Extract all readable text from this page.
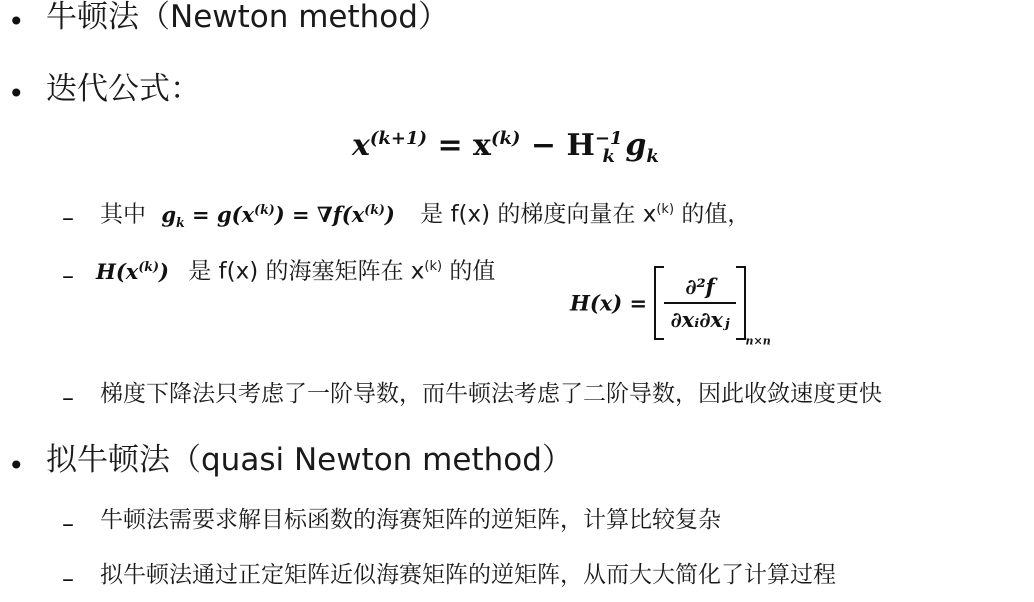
• 牛顿法（Newton method）
• 迭代公式：
$x^{(k+1)} = x^{(k)} - H^{-1}_k$ $g_k$
– 其中 $g_k = g(x^{(k)}) = \nabla f(x^{(k)})$ 是 f(x) 的梯度向量在 $x^{(k)}$ 的值，
– $H(x^{(k)})$ 是 f(x) 的海塞矩阵在 $x^{(k)}$ 的值
$H(x) = \frac{\text{∂²f}}{\text{∂xᵢ∂xⱼ}}$
$_{n\times n}$
– 梯度下降法只考虑了一阶导数，而牛顿法考虑了二阶导数，因此收敛速度更快
• 拟牛顿法（quasi Newton method）
– 牛顿法需要求解目标函数的海赛矩阵的逆矩阵，计算比较复杂
– 拟牛顿法通过正定矩阵近似海赛矩阵的逆矩阵，从而大大简化了计算过程
